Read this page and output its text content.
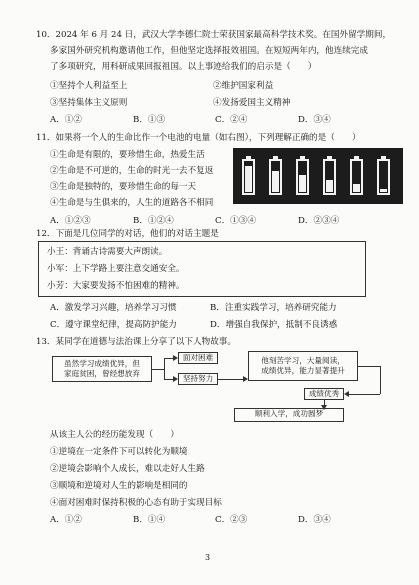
10．2024 年 6 月 24 日，武汉大学李德仁院士荣获国家最高科学技术奖。在国外留学期间，
多家国外研究机构邀请他工作，但他坚定选择报效祖国。在短短两年内，他连续完成
了多项研究，用科研成果回报祖国。以上事迹给我们的启示是（　　）
①坚持个人利益至上	②维护国家利益
③坚持集体主义原则	④发扬爱国主义精神
A．①②	B．①③	C．②④	D．③④
11．如果将一个人的生命比作一个电池的电量（如右图），下列理解正确的是（　　）
①生命是有限的，要珍惜生命，热爱生活
②生命是不可逆的，生命的时光一去不复返
③生命是独特的，要珍惜生命的每一天
④生命是与生俱来的，人生的道路各不相同
A．①②③	B．①②④	C．①③④	D．②③④
12．下面是几位同学的对话，他们的对话主题是
小王：背诵古诗需要大声朗读。
小军：上下学路上要注意交通安全。
小芳：大家要发扬不怕困难的精神。
A．激发学习兴趣，培养学习习惯	B．注重实践学习，培养研究能力
C．遵守课堂纪律，提高防护能力	D．增强自我保护，抵制不良诱惑
13．某同学在道德与法治课上分享了以下人物故事。
虽然学习成绩优异，但
家庭贫困，曾经想放弃
面对困难
坚持努力
他刻苦学习，大量阅读，
成绩优异，能力显著提升
成绩优秀
顺利入学，成功圆梦
从该主人公的经历能发现（　　）
①逆境在一定条件下可以转化为顺境
②逆境会影响个人成长，难以走好人生路
③顺境和逆境对人生的影响是相同的
④面对困难时保持积极的心态有助于实现目标
A．①②	B．①④	C．②③	D．③④
3
